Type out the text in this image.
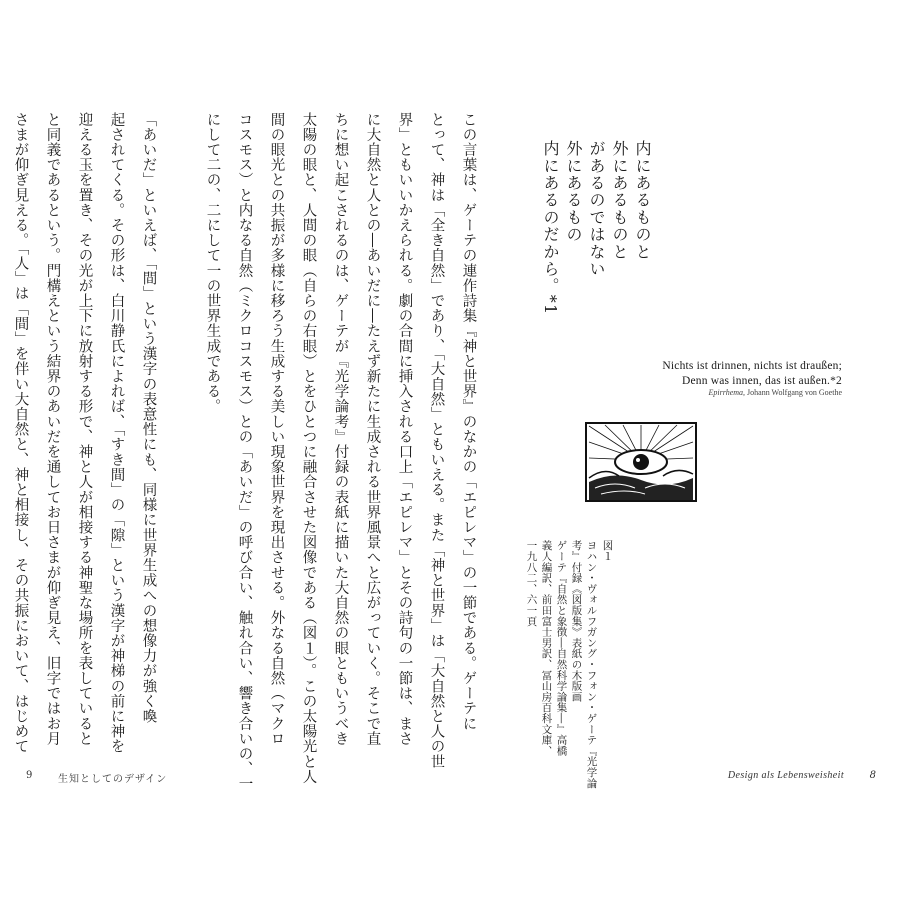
この言葉は、ゲーテの連作詩集『神と世界』のなかの「エピレマ」の一節である。ゲーテに
とって、神は「全き自然」であり、「大自然」ともいえる。また「神と世界」は「大自然と人の世
界」ともいいかえられる。劇の合間に挿入される口上「エピレマ」とその詩句の一節は、まさ
に大自然と人との―あいだに―たえず新たに生成される世界風景へと広がっていく。そこで直
ちに想い起こされるのは、ゲーテが『光学論考』付録の表紙に描いた大自然の眼ともいうべき
太陽の眼と、人間の眼（自らの右眼）とをひとつに融合させた図像である（図１）。この太陽光と人
間の眼光との共振が多様に移ろう生成する美しい現象世界を現出させる。外なる自然（マクロ
コスモス）と内なる自然（ミクロコスモス）との「あいだ」の呼び合い、触れ合い、響き合いの、一
にして二の、二にして一の世界生成である。
「あいだ」といえば、「間」という漢字の表意性にも、同様に世界生成への想像力が強く喚
起されてくる。その形は、白川静氏によれば、「すき間」の「隙」という漢字が神梯の前に神を
迎える玉を置き、その光が上下に放射する形で、神と人が相接する神聖な場所を表していると
と同義であるという。門構えという結界のあいだを通してお日さまが仰ぎ見え、旧字ではお月
さまが仰ぎ見える。「人」は「間」を伴い大自然と、神と相接し、その共振において、はじめて	内にあるものと
外にあるものと
があるのではない
外にあるもの
内にあるのだから。*1
Nichts ist drinnen, nichts ist draußen;
Denn was innen, das ist außen.*2
Epirrhema, Johann Wolfgang von Goethe
図１
ヨハン・ヴォルフガング・フォン・ゲーテ『光学論
考』付録《図版集》表紙の木版画
ゲーテ『自然と象徴―自然科学論集―』高橋
義人編訳、前田富士男訳、冨山房百科文庫、
一九八二、六一頁
9	生知としてのデザイン	Design als Lebensweisheit	8
